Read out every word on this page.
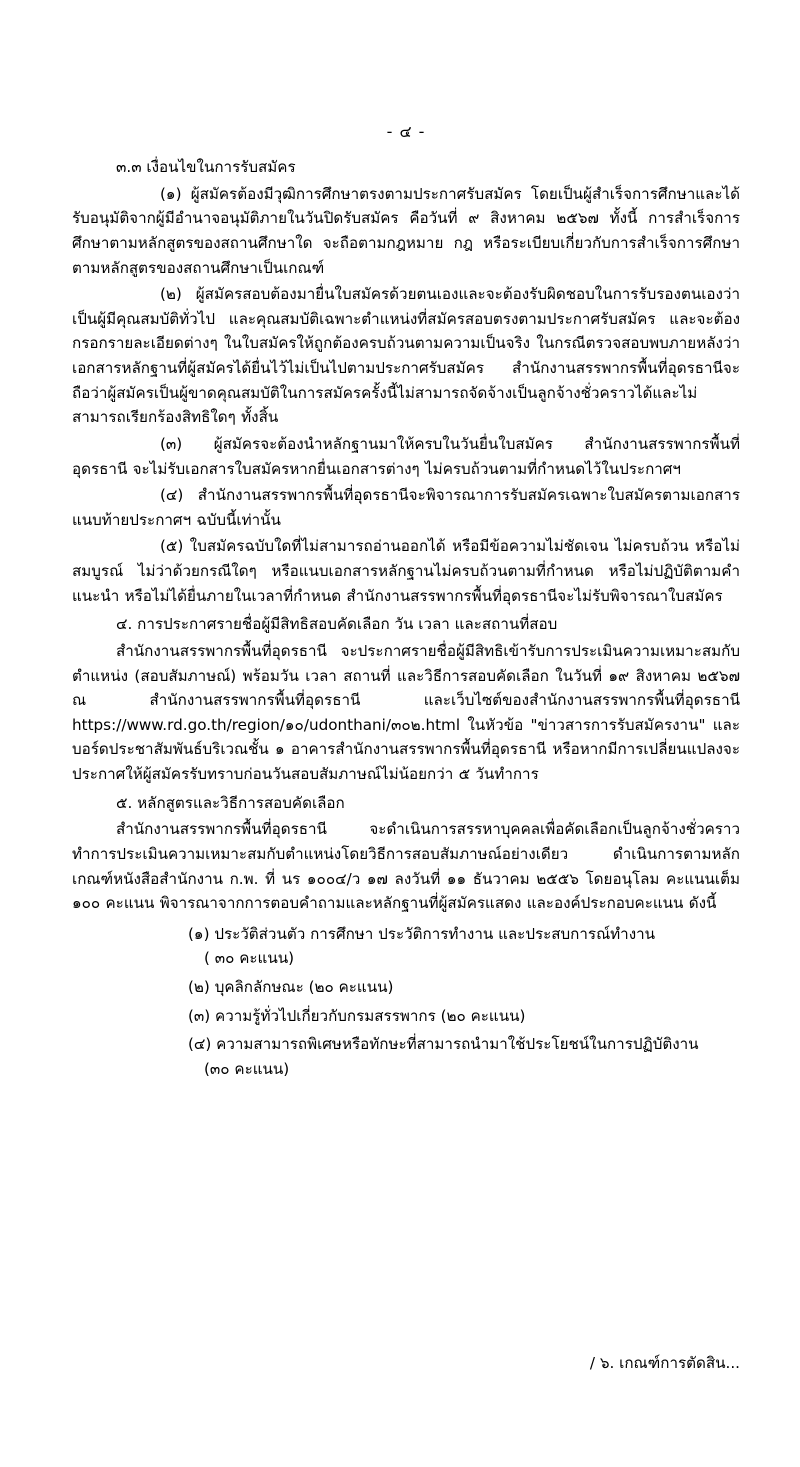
- ๔ -
๓.๓ เงื่อนไขในการรับสมัคร

(๑) ผู้สมัครต้องมีวุฒิการศึกษาตรงตามประกาศรับสมัคร โดยเป็นผู้สำเร็จการศึกษาและได้รับอนุมัติจากผู้มีอำนาจอนุมัติภายในวันปิดรับสมัคร คือวันที่ ๙ สิงหาคม ๒๕๖๗ ทั้งนี้ การสำเร็จการศึกษาตามหลักสูตรของสถานศึกษาใด จะถือตามกฎหมาย กฎ หรือระเบียบเกี่ยวกับการสำเร็จการศึกษาตามหลักสูตรของสถานศึกษาเป็นเกณฑ์

(๒) ผู้สมัครสอบต้องมายื่นใบสมัครด้วยตนเองและจะต้องรับผิดชอบในการรับรองตนเองว่าเป็นผู้มีคุณสมบัติทั่วไป และคุณสมบัติเฉพาะตำแหน่งที่สมัครสอบตรงตามประกาศรับสมัคร และจะต้องกรอกรายละเอียดต่างๆ ในใบสมัครให้ถูกต้องครบถ้วนตามความเป็นจริง ในกรณีตรวจสอบพบภายหลังว่าเอกสารหลักฐานที่ผู้สมัครได้ยื่นไว้ไม่เป็นไปตามประกาศรับสมัคร สำนักงานสรรพากรพื้นที่อุดรธานีจะถือว่าผู้สมัครเป็นผู้ขาดคุณสมบัติในการสมัครครั้งนี้ไม่สามารถจัดจ้างเป็นลูกจ้างชั่วคราวได้และไม่สามารถเรียกร้องสิทธิใดๆ ทั้งสิ้น

(๓) ผู้สมัครจะต้องนำหลักฐานมาให้ครบในวันยื่นใบสมัคร สำนักงานสรรพากรพื้นที่อุดรธานี จะไม่รับเอกสารใบสมัครหากยื่นเอกสารต่างๆ ไม่ครบถ้วนตามที่กำหนดไว้ในประกาศฯ

(๔) สำนักงานสรรพากรพื้นที่อุดรธานีจะพิจารณาการรับสมัครเฉพาะใบสมัครตามเอกสารแนบท้ายประกาศฯ ฉบับนี้เท่านั้น

(๕) ใบสมัครฉบับใดที่ไม่สามารถอ่านออกได้ หรือมีข้อความไม่ชัดเจน ไม่ครบถ้วน หรือไม่สมบูรณ์ ไม่ว่าด้วยกรณีใดๆ หรือแนบเอกสารหลักฐานไม่ครบถ้วนตามที่กำหนด หรือไม่ปฏิบัติตามคำแนะนำ หรือไม่ได้ยื่นภายในเวลาที่กำหนด สำนักงานสรรพากรพื้นที่อุดรธานีจะไม่รับพิจารณาใบสมัคร

๔. การประกาศรายชื่อผู้มีสิทธิสอบคัดเลือก วัน เวลา และสถานที่สอบ

สำนักงานสรรพากรพื้นที่อุดรธานี จะประกาศรายชื่อผู้มีสิทธิเข้ารับการประเมินความเหมาะสมกับตำแหน่ง (สอบสัมภาษณ์) พร้อมวัน เวลา สถานที่ และวิธีการสอบคัดเลือก ในวันที่ ๑๙ สิงหาคม ๒๕๖๗ ณ สำนักงานสรรพากรพื้นที่อุดรธานี และเว็บไซต์ของสำนักงานสรรพากรพื้นที่อุดรธานี https://www.rd.go.th/region/๑๐/udonthani/๓๐๒.html ในหัวข้อ "ข่าวสารการรับสมัครงาน" และบอร์ดประชาสัมพันธ์บริเวณชั้น ๑ อาคารสำนักงานสรรพากรพื้นที่อุดรธานี หรือหากมีการเปลี่ยนแปลงจะประกาศให้ผู้สมัครรับทราบก่อนวันสอบสัมภาษณ์ไม่น้อยกว่า ๕ วันทำการ

๕. หลักสูตรและวิธีการสอบคัดเลือก

สำนักงานสรรพากรพื้นที่อุดรธานี จะดำเนินการสรรหาบุคคลเพื่อคัดเลือกเป็นลูกจ้างชั่วคราว ทำการประเมินความเหมาะสมกับตำแหน่งโดยวิธีการสอบสัมภาษณ์อย่างเดียว ดำเนินการตามหลักเกณฑ์หนังสือสำนักงาน ก.พ. ที่ นร ๑๐๐๔/ว ๑๗ ลงวันที่ ๑๑ ธันวาคม ๒๕๕๖ โดยอนุโลม คะแนนเต็ม ๑๐๐ คะแนน พิจารณาจากการตอบคำถามและหลักฐานที่ผู้สมัครแสดง และองค์ประกอบคะแนน ดังนี้

(๑) ประวัติส่วนตัว การศึกษา ประวัติการทำงาน และประสบการณ์ทำงาน

( ๓๐ คะแนน)

(๒) บุคลิกลักษณะ (๒๐ คะแนน)

(๓) ความรู้ทั่วไปเกี่ยวกับกรมสรรพากร (๒๐ คะแนน)

(๔) ความสามารถพิเศษหรือทักษะที่สามารถนำมาใช้ประโยชน์ในการปฏิบัติงาน

(๓๐ คะแนน)

/ ๖. เกณฑ์การตัดสิน...
